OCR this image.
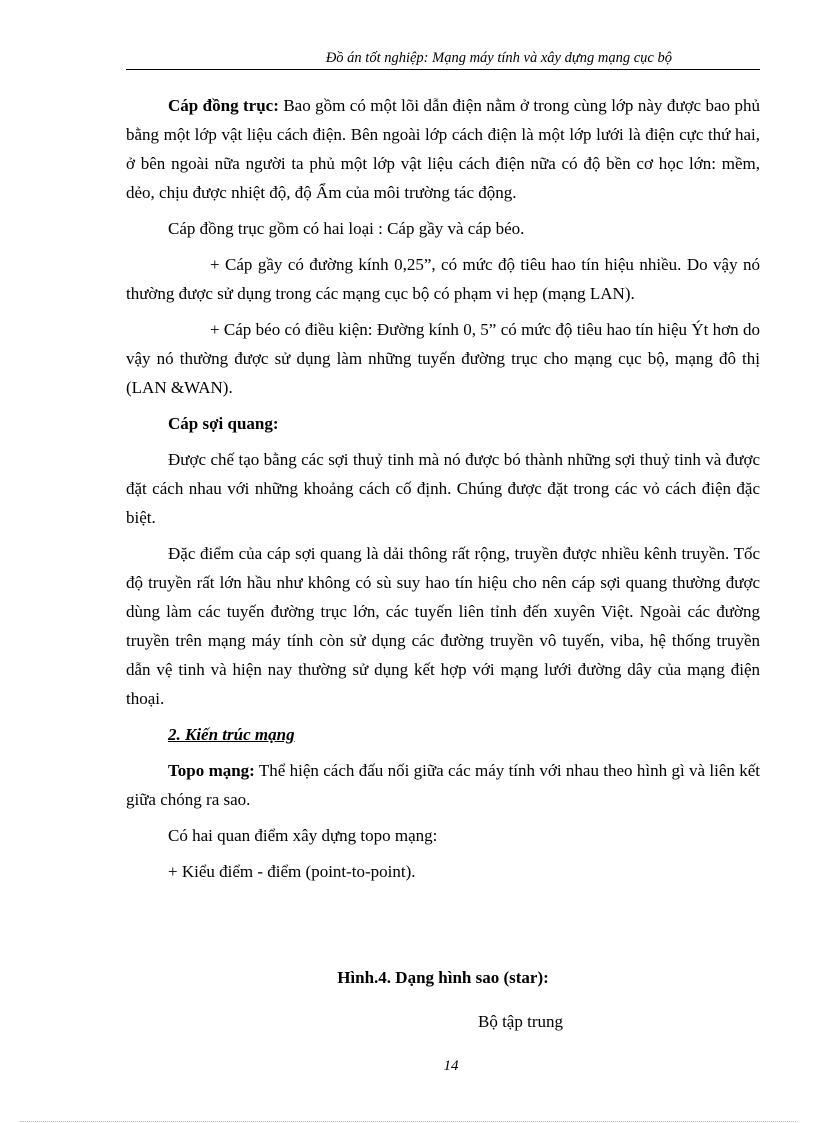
Đồ án tốt nghiệp: Mạng máy tính và xây dựng mạng cục bộ

Cáp đồng trục: Bao gồm có một lõi dẫn điện nằm ở trong cùng lớp này được bao phủ bằng một lớp vật liệu cách điện. Bên ngoài lớp cách điện là một lớp lưới là điện cực thứ hai, ở bên ngoài nữa người ta phủ một lớp vật liệu cách điện nữa có độ bền cơ học lớn: mềm, dẻo, chịu được nhiệt độ, độ Ẩm của môi trường tác động.

Cáp đồng trục gồm có hai loại : Cáp gầy và cáp béo.

+ Cáp gầy có đường kính 0,25”, có mức độ tiêu hao tín hiệu nhiều. Do vậy nó thường được sử dụng trong các mạng cục bộ có phạm vi hẹp (mạng LAN).

+ Cáp béo có điều kiện: Đường kính 0, 5” có mức độ tiêu hao tín hiệu Ýt hơn do vậy nó thường được sử dụng làm những tuyến đường trục cho mạng cục bộ, mạng đô thị (LAN &WAN).

Cáp sợi quang:

Được chế tạo bằng các sợi thuỷ tinh mà nó được bó thành những sợi thuỷ tinh và được đặt cách nhau với những khoảng cách cố định. Chúng được đặt trong các vỏ cách điện đặc biệt.

Đặc điểm của cáp sợi quang là dải thông rất rộng, truyền được nhiều kênh truyền. Tốc độ truyền rất lớn hầu như không có sù suy hao tín hiệu cho nên cáp sợi quang thường được dùng làm các tuyến đường trục lớn, các tuyến liên tỉnh đến xuyên Việt. Ngoài các đường truyền trên mạng máy tính còn sử dụng các đường truyền vô tuyến, viba, hệ thống truyền dẫn vệ tinh và hiện nay thường sử dụng kết hợp với mạng lưới đường dây của mạng điện thoại.

2. Kiến trúc mạng

Topo mạng: Thể hiện cách đấu nối giữa các máy tính với nhau theo hình gì và liên kết giữa chóng ra sao.

Có hai quan điểm xây dựng topo mạng:

+ Kiểu điểm - điểm (point-to-point).

Hình.4. Dạng hình sao (star):
Bộ tập trung
14
